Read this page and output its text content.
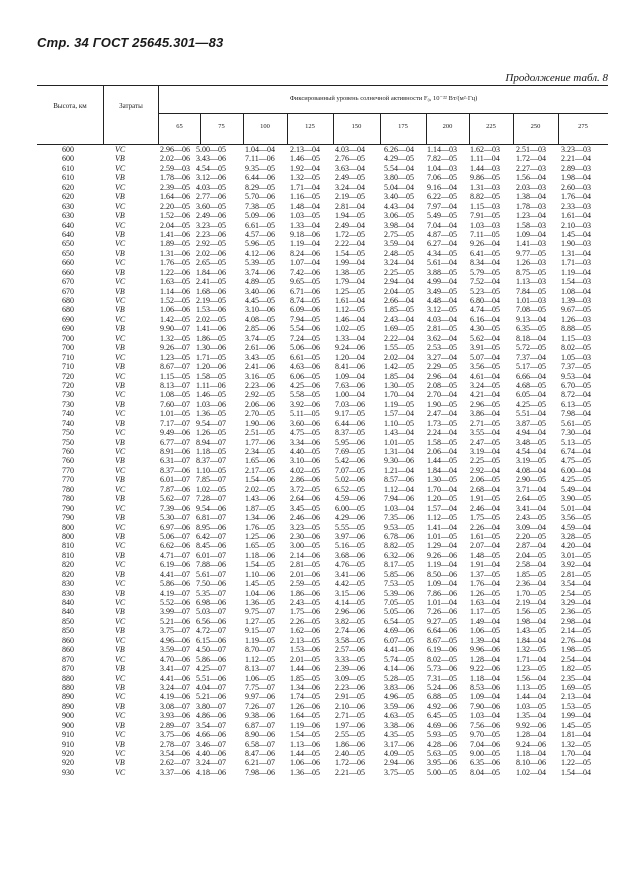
Стр. 34 ГОСТ 25645.301—83
Продолжение табл. 8
Высота, км	Затраты
Фиксированный уровень солнечной активности F₀, 10⁻²² Вт/(м²·Гц)
65	75	100	125	150	175	200	225	250	275
600	VC	2.96—06 5.00—05 1.04—04 2.13—04 4.03—04 6.26—04 1.14—03 1.62—03 2.51—03 3.23—03
600	VB	2.02—06 3.43—06 7.11—06 1.46—05 2.76—05 4.29—05 7.82—05 1.11—04 1.72—04 2.21—04
610	VC	2.59—03 4.54—05 9.35—05 1.92—04 3.63—04 5.54—04 1.04—03 1.44—03 2.27—03 2.89—03
610	VB	1.78—06 3.12—06 6.44—06 1.32—05 2.49—05 3.80—05 7.06—05 9.86—05 1.56—04 1.98—04
620	VC	2.39—05 4.03—05 8.29—05 1.71—04 3.24—04 5.04—04 9.16—04 1.31—03 2.03—03 2.60—03
620	VB	1.64—06 2.77—06 5.70—06 1.16—05 2.19—05 3.40—05 6.22—05 8.82—05 1.38—04 1.76—04
630	VC	2.20—05 3.60—05 7.38—05 1.48—04 2.81—04 4.43—04 7.97—04 1.15—03 1.78—03 2.33—03
630	VB	1.52—06 2.49—06 5.09—06 1.03—05 1.94—05 3.06—05 5.49—05 7.91—05 1.23—04 1.61—04
640	VC	2.04—05 3.23—05 6.61—05 1.33—04 2.49—04 3.98—04 7.04—04 1.03—03 1.58—03 2.10—03
640	VB	1.41—06 2.23—06 4.57—06 9.18—06 1.72—05 2.75—05 4.87—05 7.11—05 1.09—04 1.45—04
650	VC	1.89—05 2.92—05 5.96—05 1.19—04 2.22—04 3.59—04 6.27—04 9.26—04 1.41—03 1.90—03
650	VB	1.31—06 2.02—06 4.12—06 8.24—06 1.54—05 2.48—05 4.34—05 6.41—05 9.77—05 1.31—04
660	VC	1.76—05 2.65—05 5.39—05 1.07—04 1.99—04 3.24—04 5.61—04 8.34—04 1.26—03 1.71—03
660	VB	1.22—06 1.84—06 3.74—06 7.42—06 1.38—05 2.25—05 3.88—05 5.79—05 8.75—05 1.19—04
670	VC	1.63—05 2.41—05 4.89—05 9.65—05 1.79—04 2.94—04 4.99—04 7.52—04 1.13—03 1.54—03
670	VB	1.14—06 1.68—06 3.40—06 6.71—06 1.25—05 2.04—05 3.49—05 5.23—05 7.84—05 1.08—04
680	VC	1.52—05 2.19—05 4.45—05 8.74—05 1.61—04 2.66—04 4.48—04 6.80—04 1.01—03 1.39—03
680	VB	1.06—06 1.53—06 3.10—06 6.09—06 1.12—05 1.85—05 3.12—05 4.74—05 7.08—05 9.67—05
690	VC	1.42—05 2.02—05 4.08—05 7.94—05 1.46—04 2.43—04 4.03—04 6.16—04 9.13—04 1.26—03
690	VB	9.90—07 1.41—06 2.85—06 5.54—06 1.02—05 1.69—05 2.81—05 4.30—05 6.35—05 8.88—05
700	VC	1.32—05 1.86—05 3.74—05 7.24—05 1.33—04 2.22—04 3.62—04 5.62—04 8.18—04 1.15—03
700	VB	9.26—07 1.30—06 2.61—06 5.06—06 9.24—06 1.55—05 2.53—05 3.91—05 5.72—05 8.02—05
710	VC	1.23—05 1.71—05 3.43—05 6.61—05 1.20—04 2.02—04 3.27—04 5.07—04 7.37—04 1.05—03
710	VB	8.67—07 1.20—06 2.41—06 4.63—06 8.41—06 1.42—05 2.29—05 3.56—05 5.17—05 7.37—05
720	VC	1.15—05 1.58—05 3.16—05 6.06—05 1.09—04 1.85—04 2.96—04 4.61—04 6.66—04 9.53—04
720	VB	8.13—07 1.11—06 2.23—06 4.25—06 7.63—06 1.30—05 2.08—05 3.24—05 4.68—05 6.70—05
730	VC	1.08—05 1.46—05 2.92—05 5.58—05 1.00—04 1.70—04 2.70—04 4.21—04 6.05—04 8.72—04
730	VB	7.60—07 1.03—06 2.06—06 3.92—06 7.03—06 1.19—05 1.90—05 2.96—05 4.25—05 6.13—05
740	VC	1.01—05 1.36—05 2.70—05 5.11—05 9.17—05 1.57—04 2.47—04 3.86—04 5.51—04 7.98—04
740	VB	7.17—07 9.54—07 1.90—06 3.60—06 6.44—06 1.10—05 1.73—05 2.71—05 3.87—05 5.61—05
750	VC	9.49—06 1.26—05 2.51—05 4.75—05 8.37—05 1.43—04 2.24—04 3.55—04 4.94—04 7.30—04
750	VB	6.77—07 8.94—07 1.77—06 3.34—06 5.95—06 1.01—05 1.58—05 2.47—05 3.48—05 5.13—05
760	VC	8.91—06 1.18—05 2.34—05 4.40—05 7.69—05 1.31—04 2.06—04 3.19—04 4.54—04 6.74—04
760	VB	6.31—07 8.37—07 1.65—06 3.10—06 5.42—06 9.30—06 1.44—05 2.25—05 3.19—05 4.75—05
770	VC	8.37—06 1.10—05 2.17—05 4.02—05 7.07—05 1.21—04 1.84—04 2.92—04 4.08—04 6.00—04
770	VB	6.01—07 7.85—07 1.54—06 2.86—06 5.02—06 8.57—06 1.30—05 2.06—05 2.90—05 4.25—05
780	VC	7.87—06 1.02—05 2.02—05 3.72—05 6.52—05 1.12—04 1.70—04 2.68—04 3.71—04 5.49—04
780	VB	5.62—07 7.28—07 1.43—06 2.64—06 4.59—06 7.94—06 1.20—05 1.91—05 2.64—05 3.90—05
790	VC	7.39—06 9.54—06 1.87—05 3.45—05 6.00—05 1.03—04 1.57—04 2.46—04 3.41—04 5.01—04
790	VB	5.30—07 6.81—07 1.34—06 2.46—06 4.29—06 7.35—06 1.12—05 1.75—05 2.43—05 3.56—05
800	VC	6.97—06 8.95—06 1.76—05 3.23—05 5.55—05 9.53—05 1.41—04 2.26—04 3.09—04 4.59—04
800	VB	5.06—07 6.42—07 1.25—06 2.30—06 3.97—06 6.78—06 1.01—05 1.61—05 2.20—05 3.28—05
810	VC	6.62—06 8.45—06 1.65—05 3.00—05 5.16—05 8.82—05 1.29—04 2.07—04 2.87—04 4.20—04
810	VB	4.71—07 6.01—07 1.18—06 2.14—06 3.68—06 6.32—06 9.26—06 1.48—05 2.04—05 3.01—05
820	VC	6.19—06 7.88—06 1.54—05 2.81—05 4.76—05 8.17—05 1.19—04 1.91—04 2.58—04 3.92—04
820	VB	4.41—07 5.61—07 1.10—06 2.01—06 3.41—06 5.85—06 8.50—06 1.37—05 1.85—05 2.81—05
830	VC	5.86—06 7.50—06 1.45—05 2.59—05 4.42—05 7.53—05 1.09—04 1.76—04 2.36—04 3.54—04
830	VB	4.19—07 5.35—07 1.04—06 1.86—06 3.15—06 5.39—06 7.86—06 1.26—05 1.70—05 2.54—05
840	VC	5.52—06 6.98—06 1.36—05 2.43—05 4.14—05 7.05—05 1.01—04 1.63—04 2.19—04 3.29—04
840	VB	3.99—07 5.03—07 9.75—07 1.75—06 2.96—06 5.05—06 7.26—06 1.17—05 1.56—05 2.36—05
850	VC	5.21—06 6.56—06 1.27—05 2.26—05 3.82—05 6.54—05 9.27—05 1.49—04 1.98—04 2.98—04
850	VB	3.75—07 4.72—07 9.15—07 1.62—06 2.74—06 4.69—06 6.64—06 1.06—05 1.43—05 2.14—05
860	VC	4.96—06 6.15—06 1.19—05 2.13—05 3.58—05 6.07—05 8.67—05 1.39—04 1.84—04 2.76—04
860	VB	3.59—07 4.50—07 8.70—07 1.53—06 2.57—06 4.41—06 6.19—06 9.96—06 1.32—05 1.98—05
870	VC	4.70—06 5.86—06 1.12—05 2.01—05 3.33—05 5.74—05 8.02—05 1.28—04 1.71—04 2.54—04
870	VB	3.41—07 4.25—07 8.13—07 1.44—06 2.39—06 4.14—06 5.73—06 9.22—06 1.23—05 1.82—05
880	VC	4.41—06 5.51—06 1.06—05 1.85—05 3.09—05 5.28—05 7.31—05 1.18—04 1.56—04 2.35—04
880	VB	3.24—07 4.04—07 7.75—07 1.34—06 2.23—06 3.83—06 5.24—06 8.53—06 1.13—05 1.69—05
890	VC	4.19—06 5.21—06 9.97—06 1.74—05 2.91—05 4.96—05 6.88—05 1.09—04 1.44—04 2.13—04
890	VB	3.08—07 3.80—07 7.26—07 1.26—06 2.10—06 3.59—06 4.92—06 7.90—06 1.03—05 1.53—05
900	VC	3.93—06 4.86—06 9.38—06 1.64—05 2.71—05 4.63—05 6.45—05 1.03—04 1.35—04 1.99—04
900	VB	2.89—07 3.54—07 6.87—07 1.19—06 1.97—06 3.38—06 4.69—06 7.56—06 9.92—06 1.45—05
910	VC	3.75—06 4.66—06 8.90—06 1.54—05 2.55—05 4.35—05 5.93—05 9.70—05 1.28—04 1.81—04
910	VB	2.78—07 3.46—07 6.58—07 1.13—06 1.86—06 3.17—06 4.28—06 7.04—06 9.24—06 1.32—05
920	VC	3.54—06 4.40—06 8.47—06 1.44—05 2.40—05 4.09—05 5.63—05 9.00—05 1.18—04 1.70—04
920	VB	2.62—07 3.24—07 6.21—07 1.06—06 1.72—06 2.94—06 3.95—06 6.35—06 8.10—06 1.22—05
930	VC	3.37—06 4.18—06 7.98—06 1.36—05 2.21—05 3.75—05 5.00—05 8.04—05 1.02—04 1.54—04
